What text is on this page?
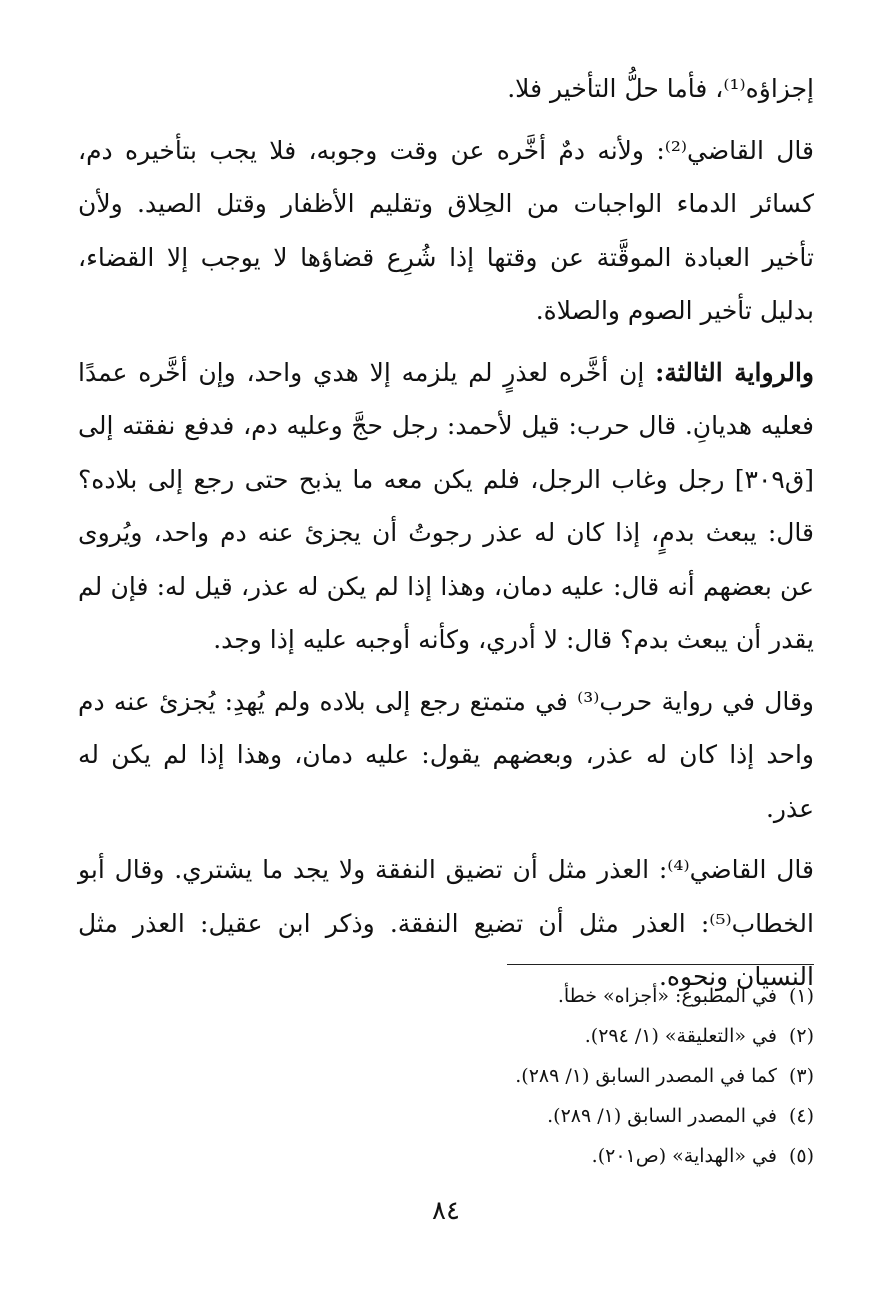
إجزاؤه⁽¹⁾، فأما حلُّ التأخير فلا.

قال القاضي⁽²⁾: ولأنه دمٌ أخَّره عن وقت وجوبه، فلا يجب بتأخيره دم، كسائر الدماء الواجبات من الحِلاق وتقليم الأظفار وقتل الصيد. ولأن تأخير العبادة الموقَّتة عن وقتها إذا شُرِع قضاؤها لا يوجب إلا القضاء، بدليل تأخير الصوم والصلاة.

والرواية الثالثة: إن أخَّره لعذرٍ لم يلزمه إلا هدي واحد، وإن أخَّره عمدًا فعليه هديانِ. قال حرب: قيل لأحمد: رجل حجَّ وعليه دم، فدفع نفقته إلى [ق٣٠٩] رجل وغاب الرجل، فلم يكن معه ما يذبح حتى رجع إلى بلاده؟ قال: يبعث بدمٍ، إذا كان له عذر رجوتُ أن يجزئ عنه دم واحد، ويُروى عن بعضهم أنه قال: عليه دمان، وهذا إذا لم يكن له عذر، قيل له: فإن لم يقدر أن يبعث بدم؟ قال: لا أدري، وكأنه أوجبه عليه إذا وجد.

وقال في رواية حرب⁽³⁾ في متمتع رجع إلى بلاده ولم يُهدِ: يُجزئ عنه دم واحد إذا كان له عذر، وبعضهم يقول: عليه دمان، وهذا إذا لم يكن له عذر.

قال القاضي⁽⁴⁾: العذر مثل أن تضيق النفقة ولا يجد ما يشتري. وقال أبو الخطاب⁽⁵⁾: العذر مثل أن تضيع النفقة. وذكر ابن عقيل: العذر مثل النسيان ونحوه.

(١)في المطبوع: «أجزاه» خطأ.
(٢)في «التعليقة» (١/ ٢٩٤).
(٣)كما في المصدر السابق (١/ ٢٨٩).
(٤)في المصدر السابق (١/ ٢٨٩).
(٥)في «الهداية» (ص٢٠١).
٨٤
